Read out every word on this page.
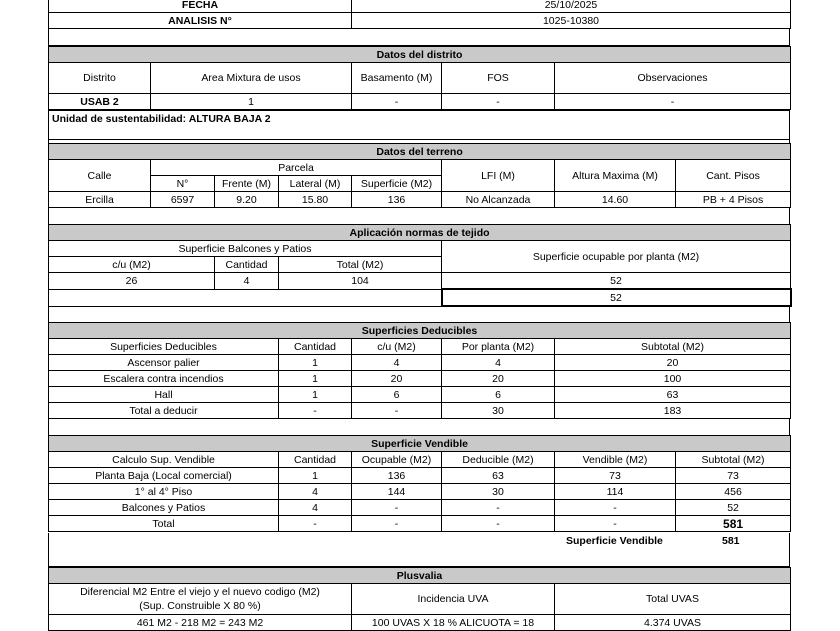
FECHA	25/10/2025
ANALISIS N°	1025-10380
Datos del distrito				
Distrito	Area Mixtura de usos	Basamento (M)	FOS	Observaciones
USAB 2	1	-	-	-
Unidad de sustentabilidad: ALTURA BAJA 2
Datos del terreno							
Calle	Parcela				LFI (M)	Altura Maxima (M)	Cant. Pisos
	N°	Frente (M)	Lateral (M)	Superficie (M2)			
Ercilla	6597	9.20	15.80	136	No Alcanzada	14.60	PB + 4 Pisos
Aplicación normas de tejido			
Superficie Balcones y Patios			Superficie ocupable por planta (M2)
c/u (M2)	Cantidad	Total (M2)	
26	4	104	52
			52
Superficies Deducibles				
Superficies Deducibles	Cantidad	c/u (M2)	Por planta (M2)	Subtotal (M2)
Ascensor palier	1	4	4	20
Escalera contra incendios	1	20	20	100
Hall	1	6	6	63
Total a deducir	-	-	30	183
Superficie Vendible					
Calculo Sup. Vendible	Cantidad	Ocupable (M2)	Deducible (M2)	Vendible (M2)	Subtotal (M2)
Planta Baja (Local comercial)	1	136	63	73	73
1° al 4° Piso	4	144	30	114	456
Balcones y Patios	4	-	-	-	52
Total	-	-	-	-	581
Superficie Vendible	581
Plusvalia		

Diferencial M2 Entre el viejo y el nuevo codigo (M2)
(Sup. Construible X 80 %)	Incidencia UVA	Total UVAS
461 M2 - 218 M2 = 243 M2	100 UVAS X 18 % ALICUOTA = 18	4.374 UVAS
